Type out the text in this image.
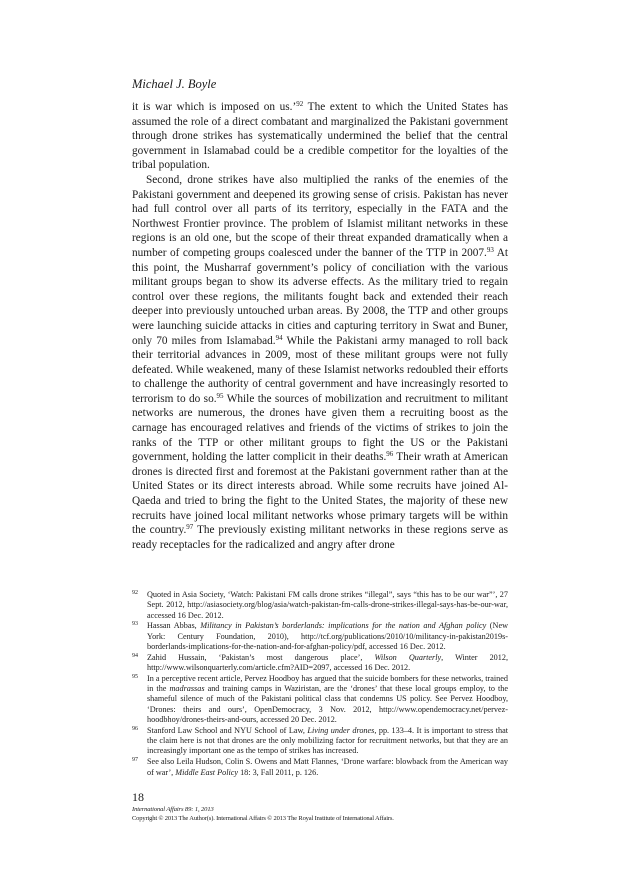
Michael J. Boyle

it is war which is imposed on us.’$^{92}$ The extent to which the United States has assumed the role of a direct combatant and marginalized the Pakistani government through drone strikes has systematically undermined the belief that the central government in Islamabad could be a credible competitor for the loyalties of the tribal population.

Second, drone strikes have also multiplied the ranks of the enemies of the Pakistani government and deepened its growing sense of crisis. Pakistan has never had full control over all parts of its territory, especially in the FATA and the Northwest Frontier province. The problem of Islamist militant networks in these regions is an old one, but the scope of their threat expanded dramatically when a number of competing groups coalesced under the banner of the TTP in 2007.93 At this point, the Musharraf government’s policy of conciliation with the various militant groups began to show its adverse effects. As the military tried to regain control over these regions, the militants fought back and extended their reach deeper into previously untouched urban areas. By 2008, the TTP and other groups were launching suicide attacks in cities and capturing territory in Swat and Buner, only 70 miles from Islamabad.$^{94}$ While the Pakistani army managed to roll back their territorial advances in 2009, most of these militant groups were not fully defeated. While weakened, many of these Islamist networks redoubled their efforts to challenge the authority of central government and have increasingly resorted to terrorism to do so.$^{95}$ While the sources of mobilization and recruitment to militant networks are numerous, the drones have given them a recruiting boost as the carnage has encouraged relatives and friends of the victims of strikes to join the ranks of the TTP or other militant groups to fight the US or the Pakistani government, holding the latter complicit in their deaths.$^{96}$ Their wrath at American drones is directed first and foremost at the Pakistani government rather than at the United States or its direct interests abroad. While some recruits have joined Al-Qaeda and tried to bring the fight to the United States, the majority of these new recruits have joined local militant networks whose primary targets will be within the country.$^{97}$ The previously existing militant networks in these regions serve as ready receptacles for the radicalized and angry after drone

92	Quoted in Asia Society, ‘Watch: Pakistani FM calls drone strikes “illegal”, says “this has to be our war”’, 27 Sept. 2012, http://asiasociety.org/blog/asia/watch-pakistan-fm-calls-drone-strikes-illegal-says-has-be-our-war, accessed 16 Dec. 2012.
93	Hassan Abbas, Militancy in Pakistan’s borderlands: implications for the nation and Afghan policy (New York: Century Foundation, 2010), http://tcf.org/publications/2010/10/militancy-in-pakistan2019s-borderlands-implications-for-the-nation-and-for-afghan-policy/pdf, accessed 16 Dec. 2012.
94	Zahid Hussain, ‘Pakistan’s most dangerous place’, Wilson Quarterly, Winter 2012, http://www.wilsonquarterly.com/article.cfm?AID=2097, accessed 16 Dec. 2012.
95	In a perceptive recent article, Pervez Hoodboy has argued that the suicide bombers for these networks, trained in the madrassas and training camps in Waziristan, are the ‘drones’ that these local groups employ, to the shameful silence of much of the Pakistani political class that condemns US policy. See Pervez Hoodboy, ‘Drones: theirs and ours’, OpenDemocracy, 3 Nov. 2012, http://www.opendemocracy.net/pervez-hoodbhoy/drones-theirs-and-ours, accessed 20 Dec. 2012.
96	Stanford Law School and NYU School of Law, Living under drones, pp. 133–4. It is important to stress that the claim here is not that drones are the only mobilizing factor for recruitment networks, but that they are an increasingly important one as the tempo of strikes has increased.
97	See also Leila Hudson, Colin S. Owens and Matt Flannes, ‘Drone warfare: blowback from the American way of war’, Middle East Policy 18: 3, Fall 2011, p. 126.
18
International Affairs 89: 1, 2013
Copyright © 2013 The Author(s). International Affairs © 2013 The Royal Institute of International Affairs.
